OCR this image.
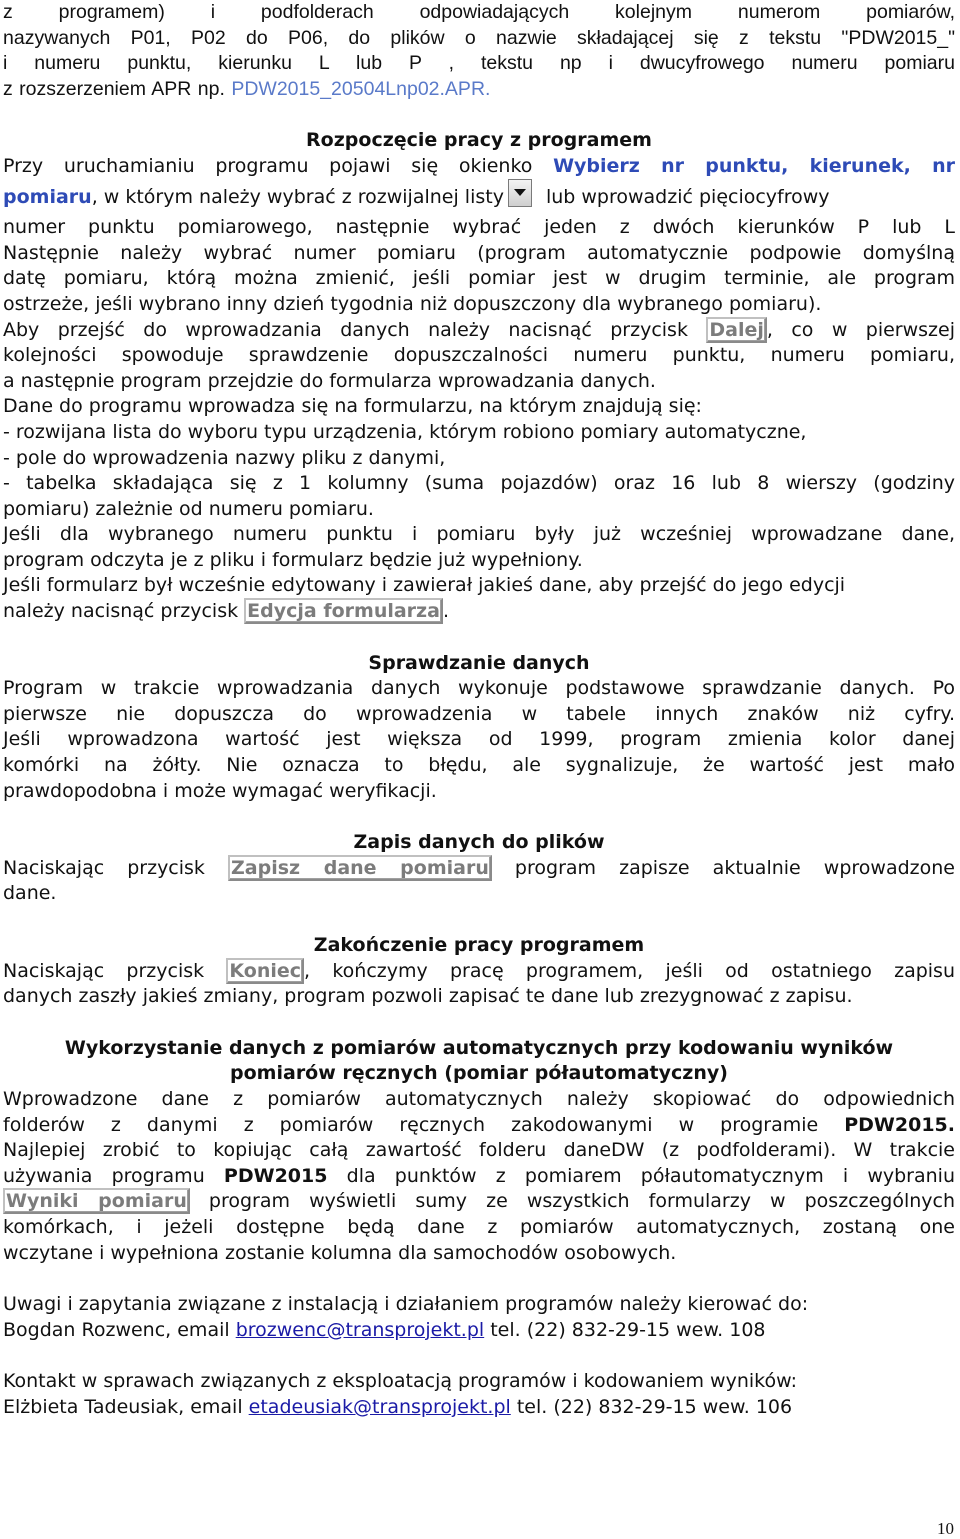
z programem) i podfolderach odpowiadających kolejnym numerom pomiarów,

nazywanych P01, P02 do P06, do plików o nazwie składającej się z tekstu "PDW2015_"

i numeru punktu, kierunku L lub P , tekstu np i dwucyfrowego numeru pomiaru

z rozszerzeniem APR np. PDW2015_20504Lnp02.APR.

Rozpoczęcie pracy z programem

Przy uruchamianiu programu pojawi się okienko Wybierz nr punktu, kierunek, nr

pomiaru, w którym należy wybrać z rozwijalnej listy lub wprowadzić pięciocyfrowy

numer punktu pomiarowego, następnie wybrać jeden z dwóch kierunków P lub L

Następnie należy wybrać numer pomiaru (program automatycznie podpowie domyślną

datę pomiaru, którą można zmienić, jeśli pomiar jest w drugim terminie, ale program

ostrzeże, jeśli wybrano inny dzień tygodnia niż dopuszczony dla wybranego pomiaru).

Aby przejść do wprowadzania danych należy nacisnąć przycisk Dalej , co w pierwszej

kolejności spowoduje sprawdzenie dopuszczalności numeru punktu, numeru pomiaru,

a następnie program przejdzie do formularza wprowadzania danych.

Dane do programu wprowadza się na formularzu, na którym znajdują się:

- rozwijana lista do wyboru typu urządzenia, którym robiono pomiary automatyczne,

- pole do wprowadzenia nazwy pliku z danymi,

- tabelka składająca się z 1 kolumny (suma pojazdów) oraz 16 lub 8 wierszy (godziny

pomiaru) zależnie od numeru pomiaru.

Jeśli dla wybranego numeru punktu i pomiaru były już wcześniej wprowadzane dane,

program odczyta je z pliku i formularz będzie już wypełniony.

Jeśli formularz był wcześnie edytowany i zawierał jakieś dane, aby przejść do jego edycji

należy nacisnąć przycisk Edycja formularza .

Sprawdzanie danych

Program w trakcie wprowadzania danych wykonuje podstawowe sprawdzanie danych. Po

pierwsze nie dopuszcza do wprowadzenia w tabele innych znaków niż cyfry.

Jeśli wprowadzona wartość jest większa od 1999, program zmienia kolor danej

komórki na żółty. Nie oznacza to błędu, ale sygnalizuje, że wartość jest mało

prawdopodobna i może wymagać weryfikacji.

Zapis danych do plików

Naciskając przycisk Zapisz dane pomiaru program zapisze aktualnie wprowadzone

dane.

Zakończenie pracy programem

Naciskając przycisk Koniec , kończymy pracę programem, jeśli od ostatniego zapisu

danych zaszły jakieś zmiany, program pozwoli zapisać te dane lub zrezygnować z zapisu.

Wykorzystanie danych z pomiarów automatycznych przy kodowaniu wyników

pomiarów ręcznych (pomiar półautomatyczny)

Wprowadzone dane z pomiarów automatycznych należy skopiować do odpowiednich

folderów z danymi z pomiarów ręcznych zakodowanymi w programie PDW2015.

Najlepiej zrobić to kopiując całą zawartość folderu daneDW (z podfolderami). W trakcie

używania programu PDW2015 dla punktów z pomiarem półautomatycznym i wybraniu

Wyniki pomiaru program wyświetli sumy ze wszystkich formularzy w poszczególnych

komórkach, i jeżeli dostępne będą dane z pomiarów automatycznych, zostaną one

wczytane i wypełniona zostanie kolumna dla samochodów osobowych.

Uwagi i zapytania związane z instalacją i działaniem programów należy kierować do:

Bogdan Rozwenc, email brozwenc@transprojekt.pl tel. (22) 832-29-15 wew. 108

Kontakt w sprawach związanych z eksploatacją programów i kodowaniem wyników:

Elżbieta Tadeusiak, email etadeusiak@transprojekt.pl tel. (22) 832-29-15 wew. 106

10
